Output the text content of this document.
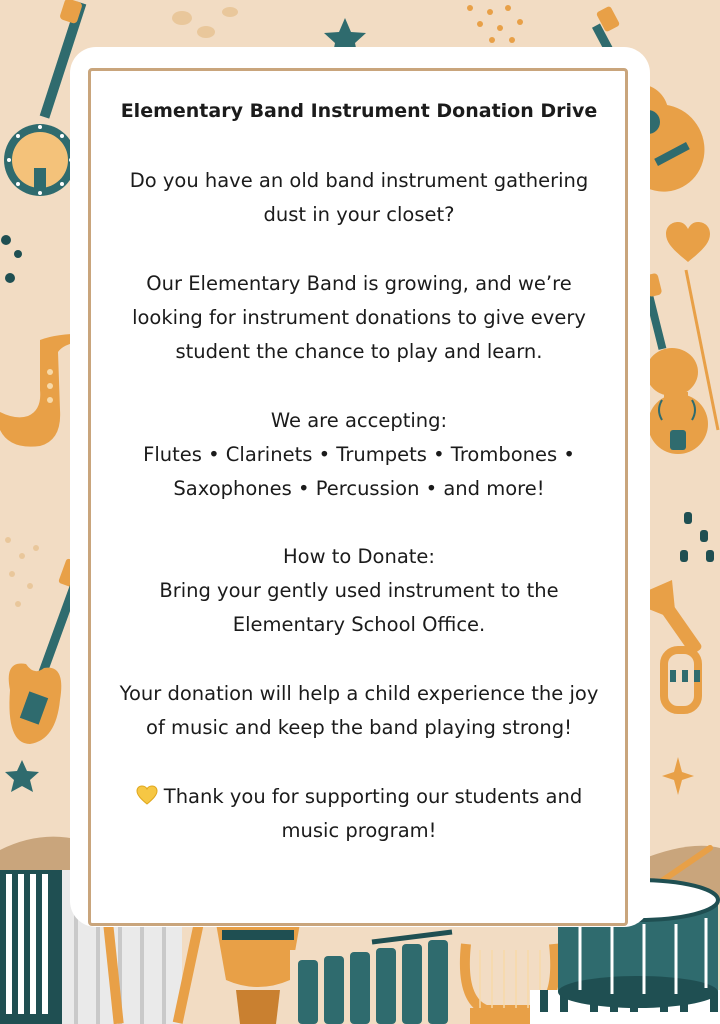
Elementary Band Instrument Donation Drive

Do you have an old band instrument gathering

dust in your closet?

Our Elementary Band is growing, and we’re

looking for instrument donations to give every

student the chance to play and learn.

We are accepting:

Flutes • Clarinets • Trumpets • Trombones •

Saxophones • Percussion • and more!

How to Donate:

Bring your gently used instrument to the

Elementary School Office.

Your donation will help a child experience the joy

of music and keep the band playing strong!

Thank you for supporting our students and

music program!
